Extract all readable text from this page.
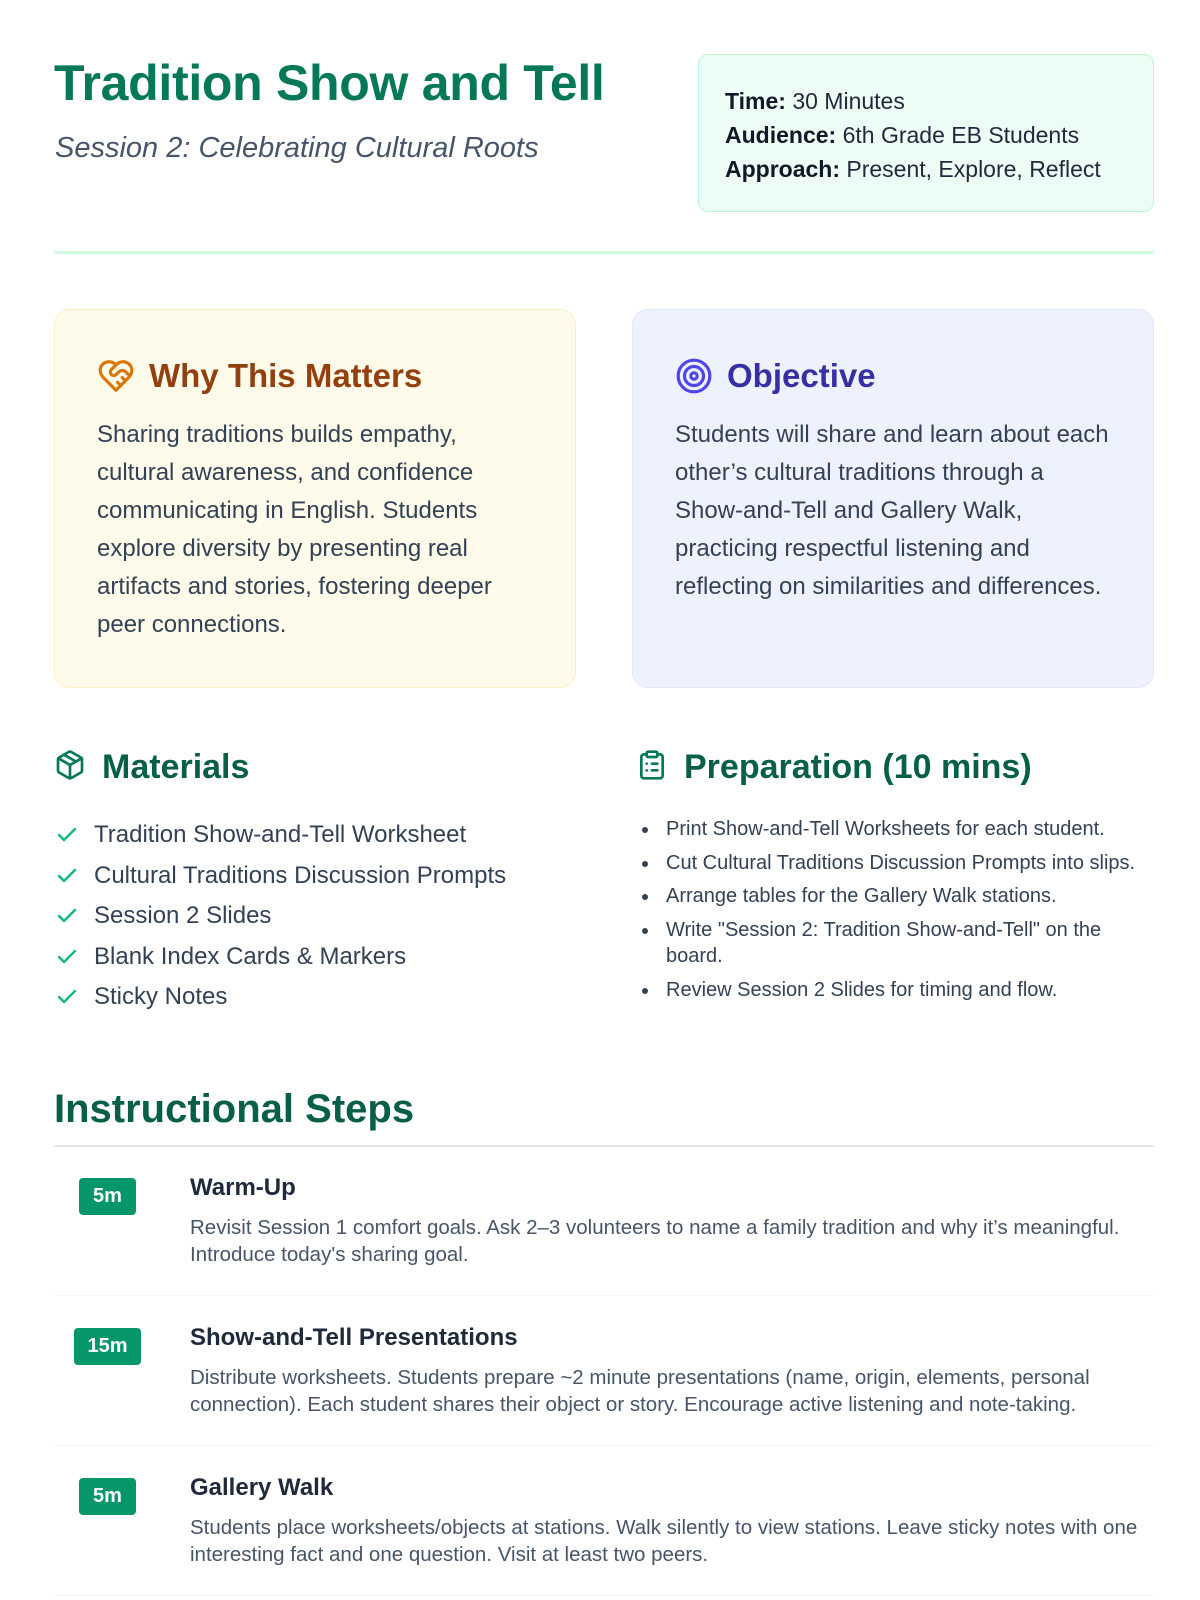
Tradition Show and Tell
Session 2: Celebrating Cultural Roots
Time: 30 Minutes
Audience: 6th Grade EB Students
Approach: Present, Explore, Reflect
Why This Matters

Sharing traditions builds empathy, cultural awareness, and confidence communicating in English. Students explore diversity by presenting real artifacts and stories, fostering deeper peer connections.

Objective

Students will share and learn about each other’s cultural traditions through a Show-and-Tell and Gallery Walk, practicing respectful listening and reflecting on similarities and differences.

Materials
Tradition Show-and-Tell Worksheet
Cultural Traditions Discussion Prompts
Session 2 Slides
Blank Index Cards & Markers
Sticky Notes
Preparation (10 mins)
Print Show-and-Tell Worksheets for each student.
Cut Cultural Traditions Discussion Prompts into slips.
Arrange tables for the Gallery Walk stations.
Write "Session 2: Tradition Show-and-Tell" on the board.
Review Session 2 Slides for timing and flow.
Instructional Steps
5m	Warm-Up
Revisit Session 1 comfort goals. Ask 2–3 volunteers to name a family tradition and why it’s meaningful. Introduce today's sharing goal.
15m	Show-and-Tell Presentations
Distribute worksheets. Students prepare ~2 minute presentations (name, origin, elements, personal connection). Each student shares their object or story. Encourage active listening and note-taking.
5m	Gallery Walk
Students place worksheets/objects at stations. Walk silently to view stations. Leave sticky notes with one interesting fact and one question. Visit at least two peers.
